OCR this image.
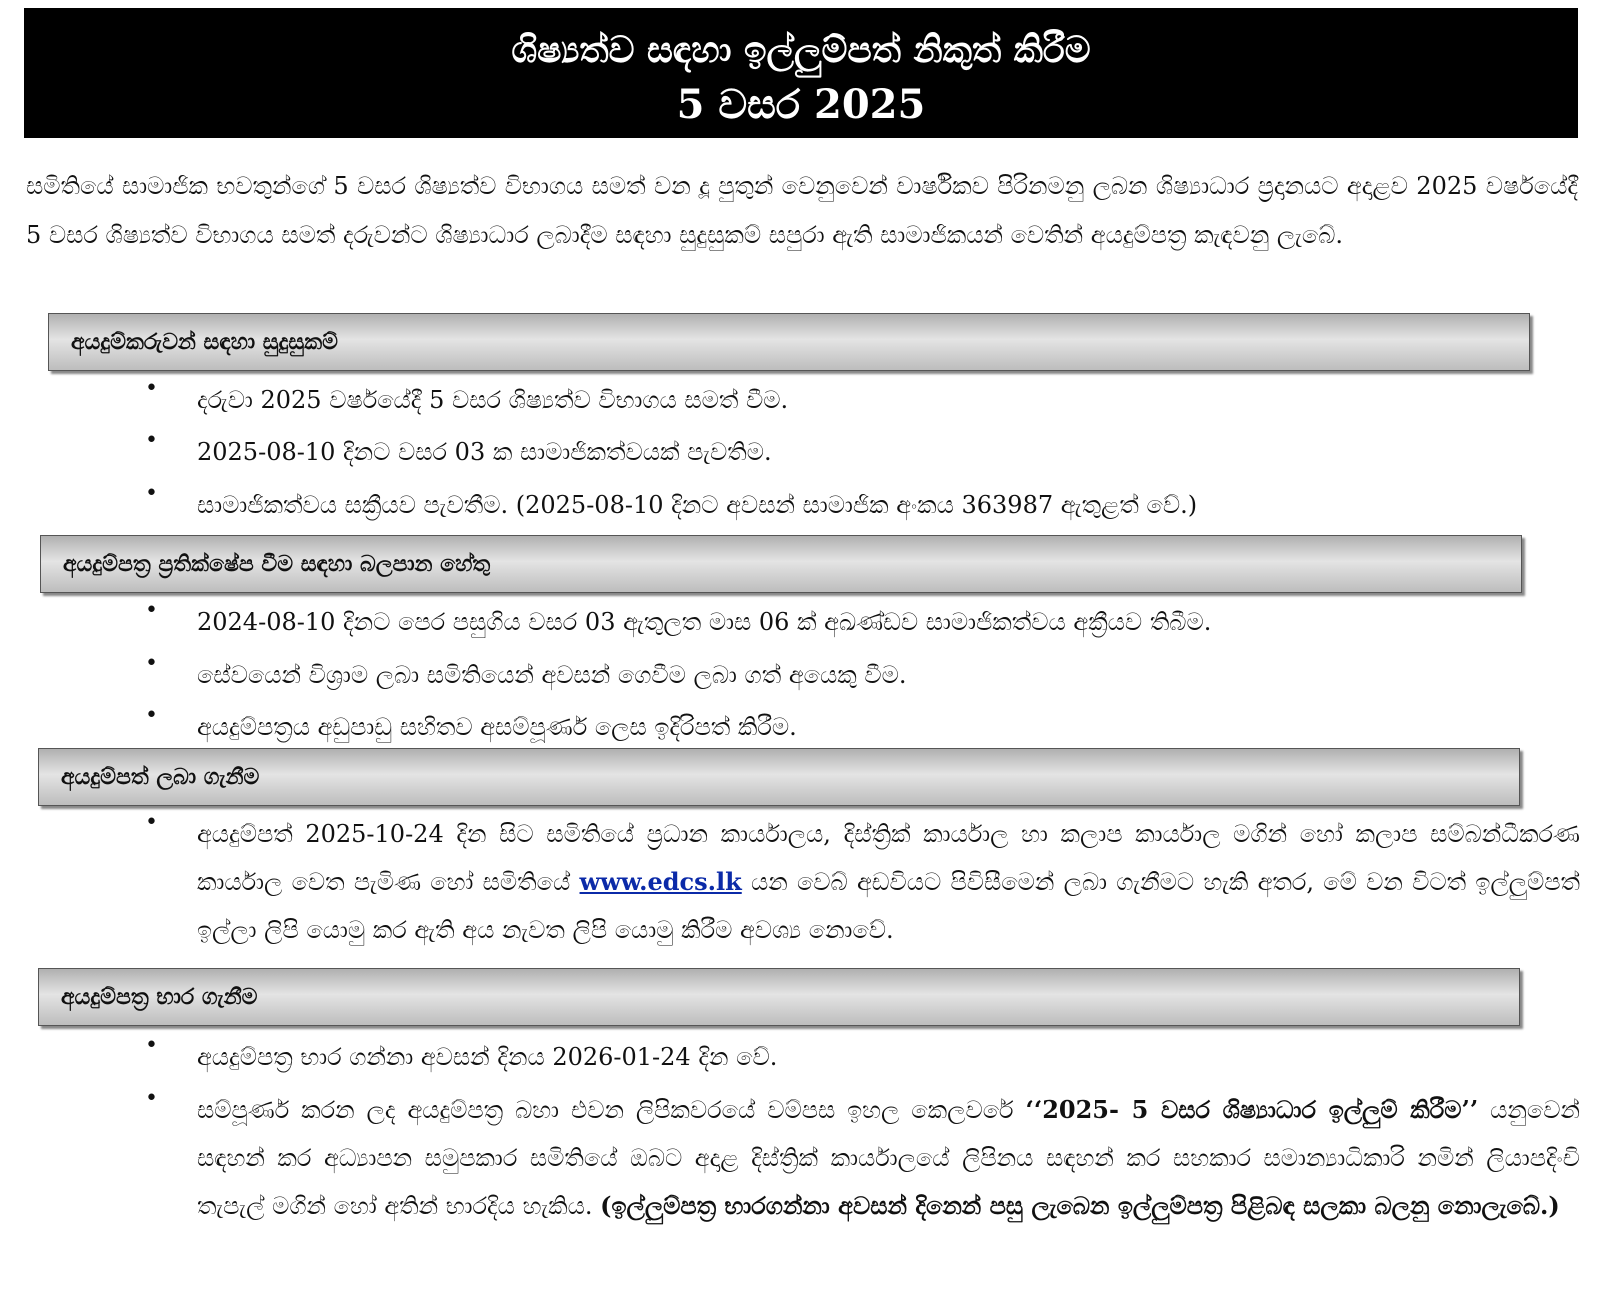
ශිෂ්‍යත්ව සඳහා ඉල්ලුම්පත් නිකුත් කිරීම
5 වසර 2025
සමිතියේ සාමාජික භවතුන්ගේ 5 වසර ශිෂ්‍යත්ව විභාගය සමත් වන දූ පුතුන් වෙනුවෙන් වාර්ෂිකව පිරිනමනු ලබන ශිෂ්‍යාධාර ප්‍රදානයට අදාළව 2025 වර්ෂයේදී 5 වසර ශිෂ්‍යත්ව විභාගය සමත් දරුවන්ට ශිෂ්‍යාධාර ලබාදීම සඳහා සුදුසුකම් සපුරා ඇති සාමාජිකයන් වෙතින් අයදුම්පත්‍ර කැඳවනු ලැබේ.
අයදුම්කරුවන් සඳහා සුදුසුකම්
• දරුවා 2025 වර්ෂයේදී 5 වසර ශිෂ්‍යත්ව විභාගය සමත් වීම.
• 2025-08-10 දිනට වසර 03 ක සාමාජිකත්වයක් පැවතිම.
• සාමාජිකත්වය සක්‍රීයව පැවතීම. (2025-08-10 දිනට අවසන් සාමාජික අංකය 363987 ඇතුළත් වේ.)
අයදුම්පත්‍ර ප්‍රතික්ෂේප වීම සඳහා බලපාන හේතු
• 2024-08-10 දිනට පෙර පසුගිය වසර 03 ඇතුලත මාස 06 ක් අඛණ්ඩව සාමාජිකත්වය අක්‍රීයව තිබීම.
• සේවයෙන් විශ්‍රාම ලබා සමිතියෙන් අවසන් ගෙවීම ලබා ගත් අයෙකු වීම.
• අයදුම්පත්‍රය අඩුපාඩු සහිතව අසම්පූර්ණ ලෙස ඉදිරිපත් කිරීම.
අයදුම්පත් ලබා ගැනීම
• අයදුම්පත් 2025-10-24 දින සිට සමිතියේ ප්‍රධාන කාර්යාලය, දිස්ත්‍රික් කාර්යාල හා කලාප කාර්යාල මගින් හෝ කලාප සම්බන්ධීකරණ කාර්යාල වෙත පැමිණ හෝ සමිතියේ www.edcs.lk යන වෙබ් අඩවියට පිවිසීමෙන් ලබා ගැනීමට හැකි අතර, මේ වන විටත් ඉල්ලුම්පත් ඉල්ලා ලිපි යොමු කර ඇති අය නැවත ලිපි යොමු කිරීම අවශ්‍ය නොවේ.
අයදුම්පත්‍ර භාර ගැනීම
• අයදුම්පත්‍ර භාර ගන්නා අවසන් දිනය 2026-01-24 දින වේ.
• සම්පූර්ණ කරන ලද අයදුම්පත්‍ර බහා එවන ලිපිකවරයේ වම්පස ඉහල කෙලවරේ ‘‘2025- 5 වසර ශිෂ්‍යාධාර ඉල්ලුම් කිරීම’’ යනුවෙන් සඳහන් කර අධ්‍යාපන සමුපකාර සමිතියේ ඔබට අදාළ දිස්ත්‍රික් කාර්යාලයේ ලිපිනය සඳහන් කර සහකාර සමාන්‍යාධිකාරි නමින් ලියාපදිංචි තැපැල් මගින් හෝ අතින් භාරදිය හැකිය. (ඉල්ලුම්පත්‍ර භාරගන්නා අවසන් දිනෙන් පසු ලැබෙන ඉල්ලුම්පත්‍ර පිළිබඳ සලකා බලනු නොලැබේ.)
